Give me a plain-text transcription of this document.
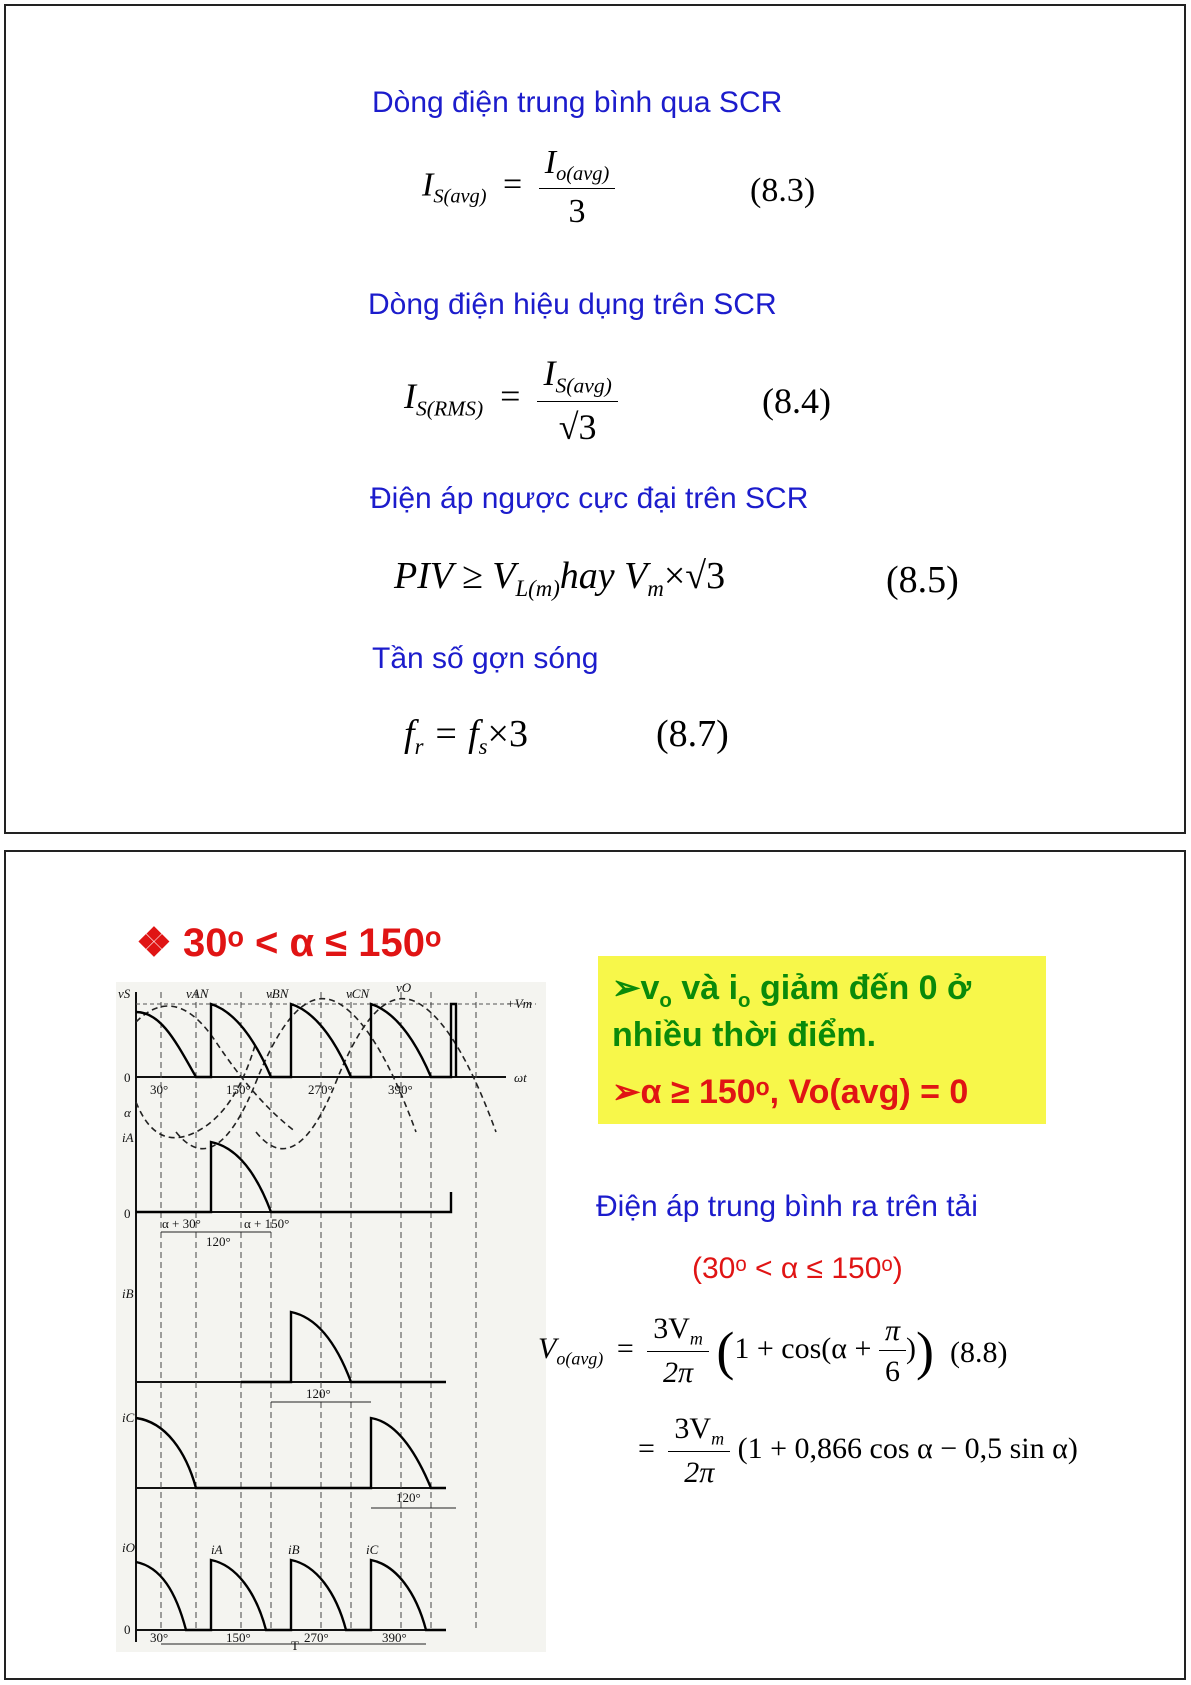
Dòng điện trung bình qua SCR
$I_{S(avg)} = \frac{I_{o(avg)}}{3}$	(8.3)
Dòng điện hiệu dụng trên SCR
$I_{S(RMS)} = \frac{I_{S(avg)}}{√3}$	(8.4)
Điện áp ngược cực đại trên SCR
PIV ≥ $V_{L(m)}hay$ $V_m\times√3$	(8.5)
Tần số gợn sóng
$f_r = f_s\times 3$	(8.7)
❖ 30ᵒ < α ≤ 150ᵒ
vS	vAN	vBN	vCN vO
+Vm
ωt
0
α
30°	150°	270°	390°
iA
0
α + 30°	α + 150°
120°
iB
120°
iC
120°
iO	iA	iB	iC
0
30°	150°	270°	390°
T
$➢v_o$ và $i_o$ giảm đến 0 ở
nhiều thời điểm.
➢α ≥ 150ᵒ, Vo(avg) = 0
Điện áp trung bình ra trên tải
(30ᵒ < α ≤ 150ᵒ)
$V_{o(avg)} = \frac{3V_m}{2\pi} (1 + \cos(\alpha + \frac{\pi}{6}$ )) (8.8)
= $\frac{3V_m}{2\pi} (1 + 0,866$ cos α − 0,5 sin α)
